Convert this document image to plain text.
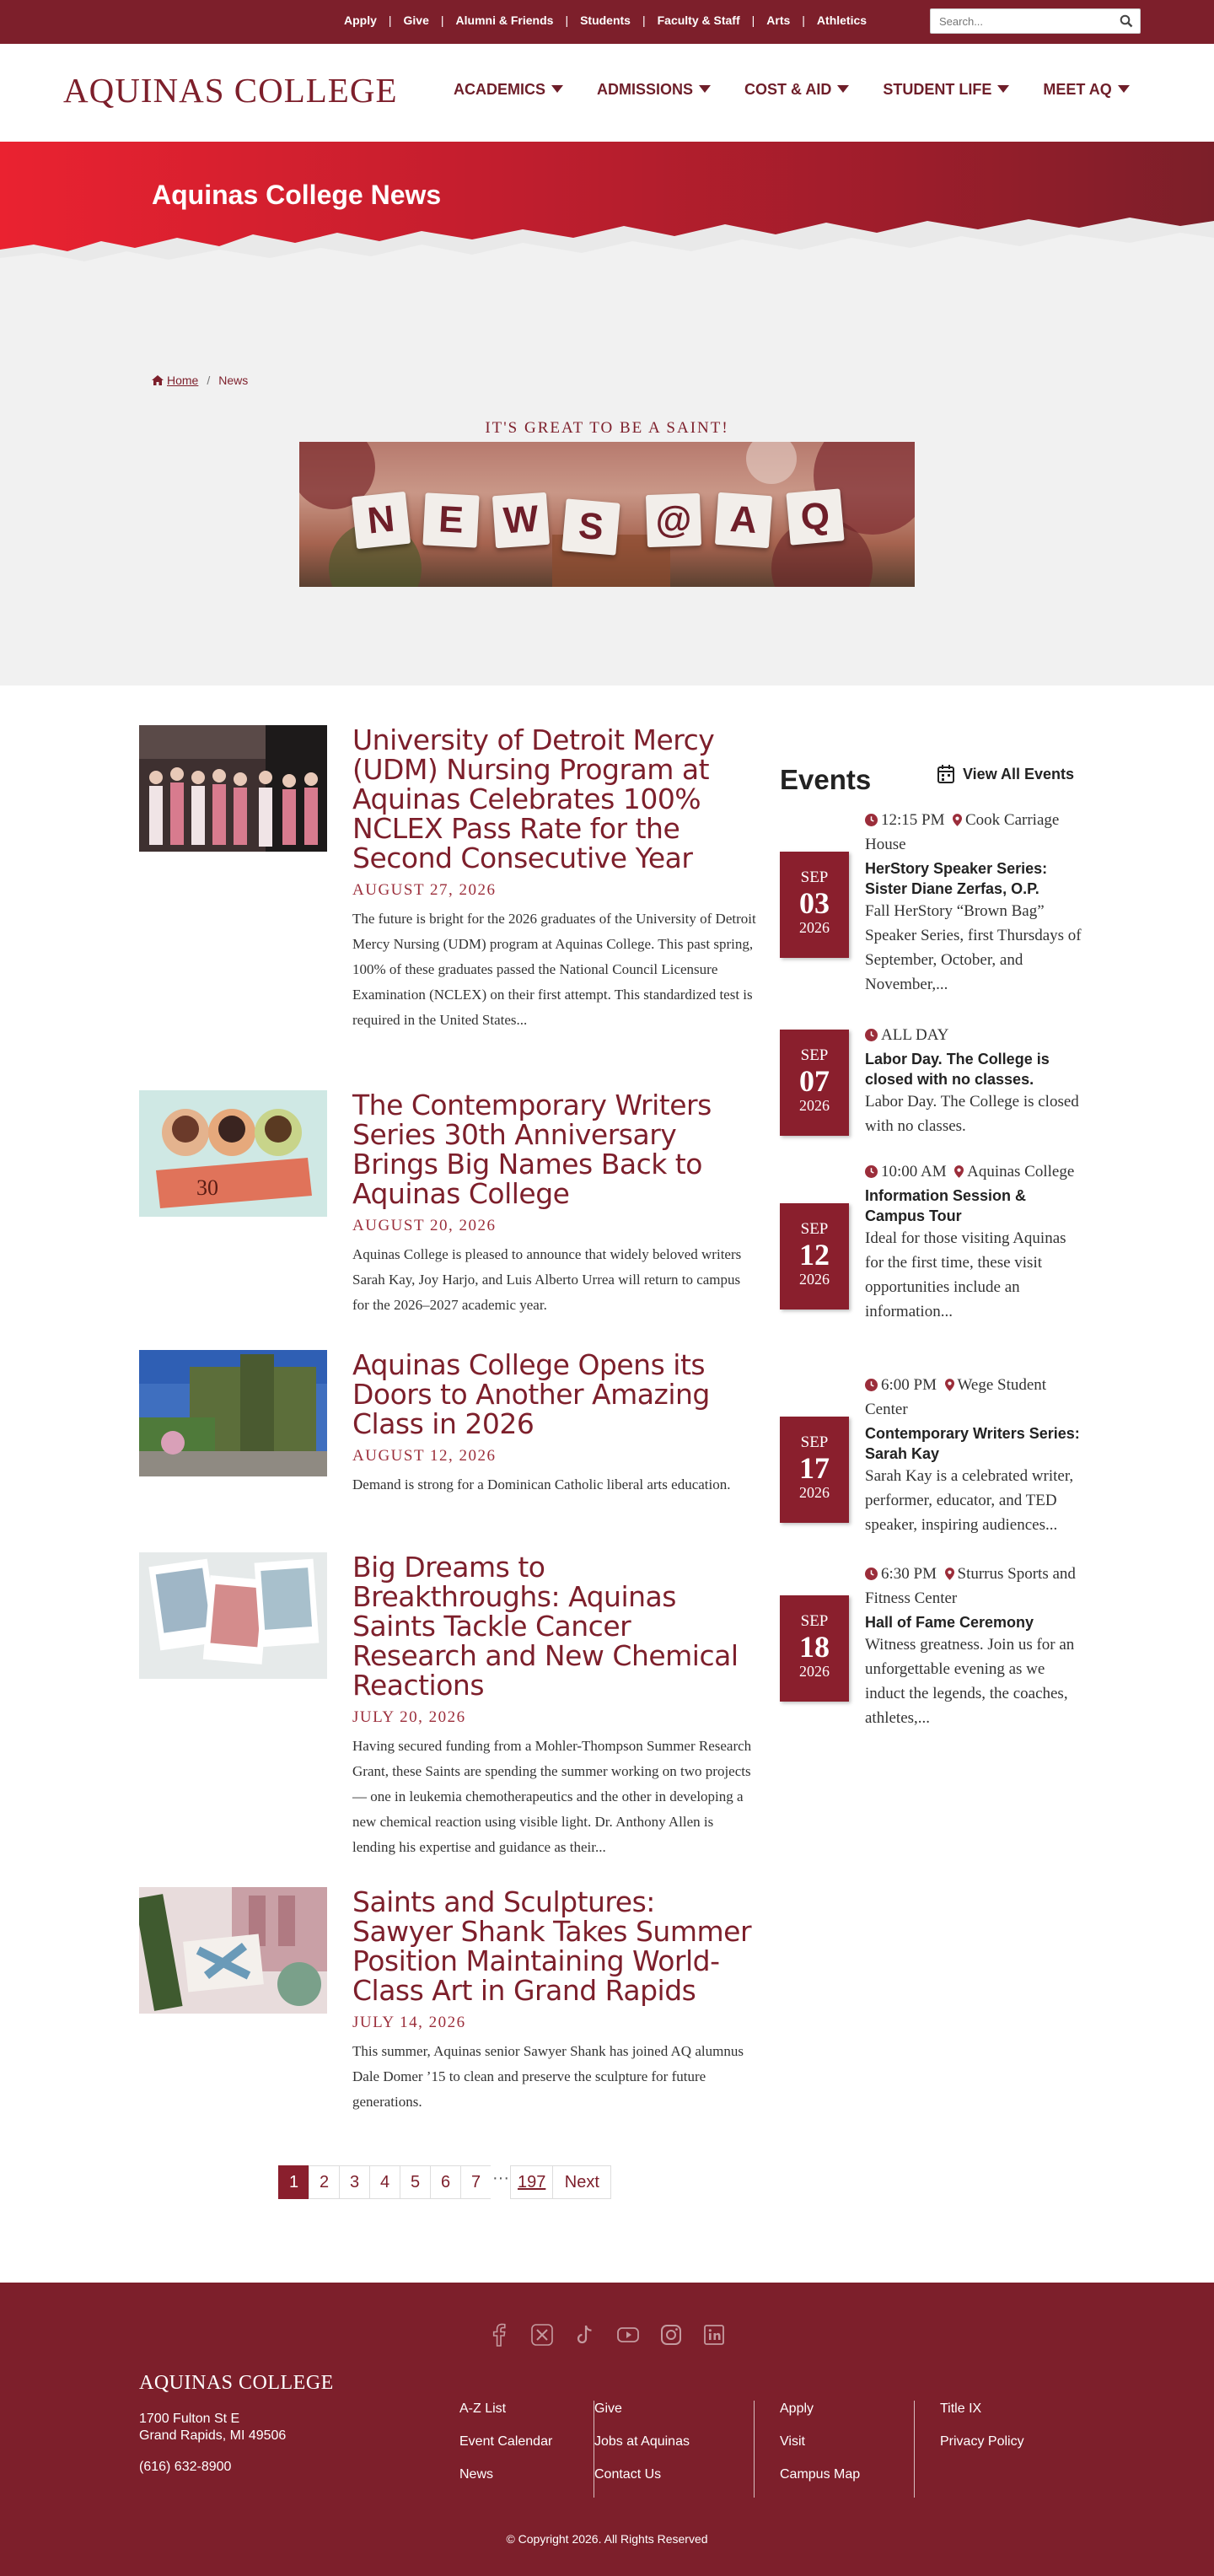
Apply | Give | Alumni & Friends | Students | Faculty & Staff | Arts | Athletics
Search...
AQUINAS COLLEGE	ACADEMICS	ADMISSIONS	COST & AID	STUDENT LIFE	MEET AQ
Aquinas College News
Home / News
IT'S GREAT TO BE A SAINT!
N	E	W S	@ A	Q
University of Detroit Mercy (UDM) Nursing Program at Aquinas Celebrates 100% NCLEX Pass Rate for the Second Consecutive Year
AUGUST 27, 2026
The future is bright for the 2026 graduates of the University of Detroit Mercy Nursing (UDM) program at Aquinas College. This past spring, 100% of these graduates passed the National Council Licensure Examination (NCLEX) on their first attempt. This standardized test is required in the United States...
30
The Contemporary Writers Series 30th Anniversary Brings Big Names Back to Aquinas College
AUGUST 20, 2026
Aquinas College is pleased to announce that widely beloved writers Sarah Kay, Joy Harjo, and Luis Alberto Urrea will return to campus for the 2026–2027 academic year.
Aquinas College Opens its Doors to Another Amazing Class in 2026
AUGUST 12, 2026
Demand is strong for a Dominican Catholic liberal arts education.
Big Dreams to Breakthroughs: Aquinas Saints Tackle Cancer Research and New Chemical Reactions
JULY 20, 2026
Having secured funding from a Mohler-Thompson Summer Research Grant, these Saints are spending the summer working on two projects— one in leukemia chemotherapeutics and the other in developing a new chemical reaction using visible light. Dr. Anthony Allen is lending his expertise and guidance as their...
Saints and Sculptures: Sawyer Shank Takes Summer Position Maintaining World-Class Art in Grand Rapids
JULY 14, 2026
This summer, Aquinas senior Sawyer Shank has joined AQ alumnus Dale Domer ’15 to clean and preserve the sculpture for future generations.
Events	View All Events
SEP
03
2026
12:15 PM Cook Carriage House
HerStory Speaker Series: Sister Diane Zerfas, O.P.
Fall HerStory “Brown Bag” Speaker Series, first Thursdays of September, October, and November,...
SEP
07
2026
ALL DAY
Labor Day. The College is closed with no classes.
Labor Day. The College is closed with no classes.
SEP
12
2026
10:00 AM Aquinas College
Information Session & Campus Tour
Ideal for those visiting Aquinas for the first time, these visit opportunities include an information...
SEP
17
2026
6:00 PM Wege Student Center
Contemporary Writers Series: Sarah Kay
Sarah Kay is a celebrated writer, performer, educator, and TED speaker, inspiring audiences...
SEP
18
2026
6:30 PM Sturrus Sports and Fitness Center
Hall of Fame Ceremony
Witness greatness. Join us for an unforgettable evening as we induct the legends, the coaches, athletes,...
1	2	3	4	5	6	7 ··· 197	Next
AQUINAS COLLEGE
1700 Fulton St E
Grand Rapids, MI 49506
(616) 632-8900
A-Z List
Event Calendar
News
Give
Jobs at Aquinas
Contact Us
Apply
Visit
Campus Map
Title IX
Privacy Policy
© Copyright 2026. All Rights Reserved
